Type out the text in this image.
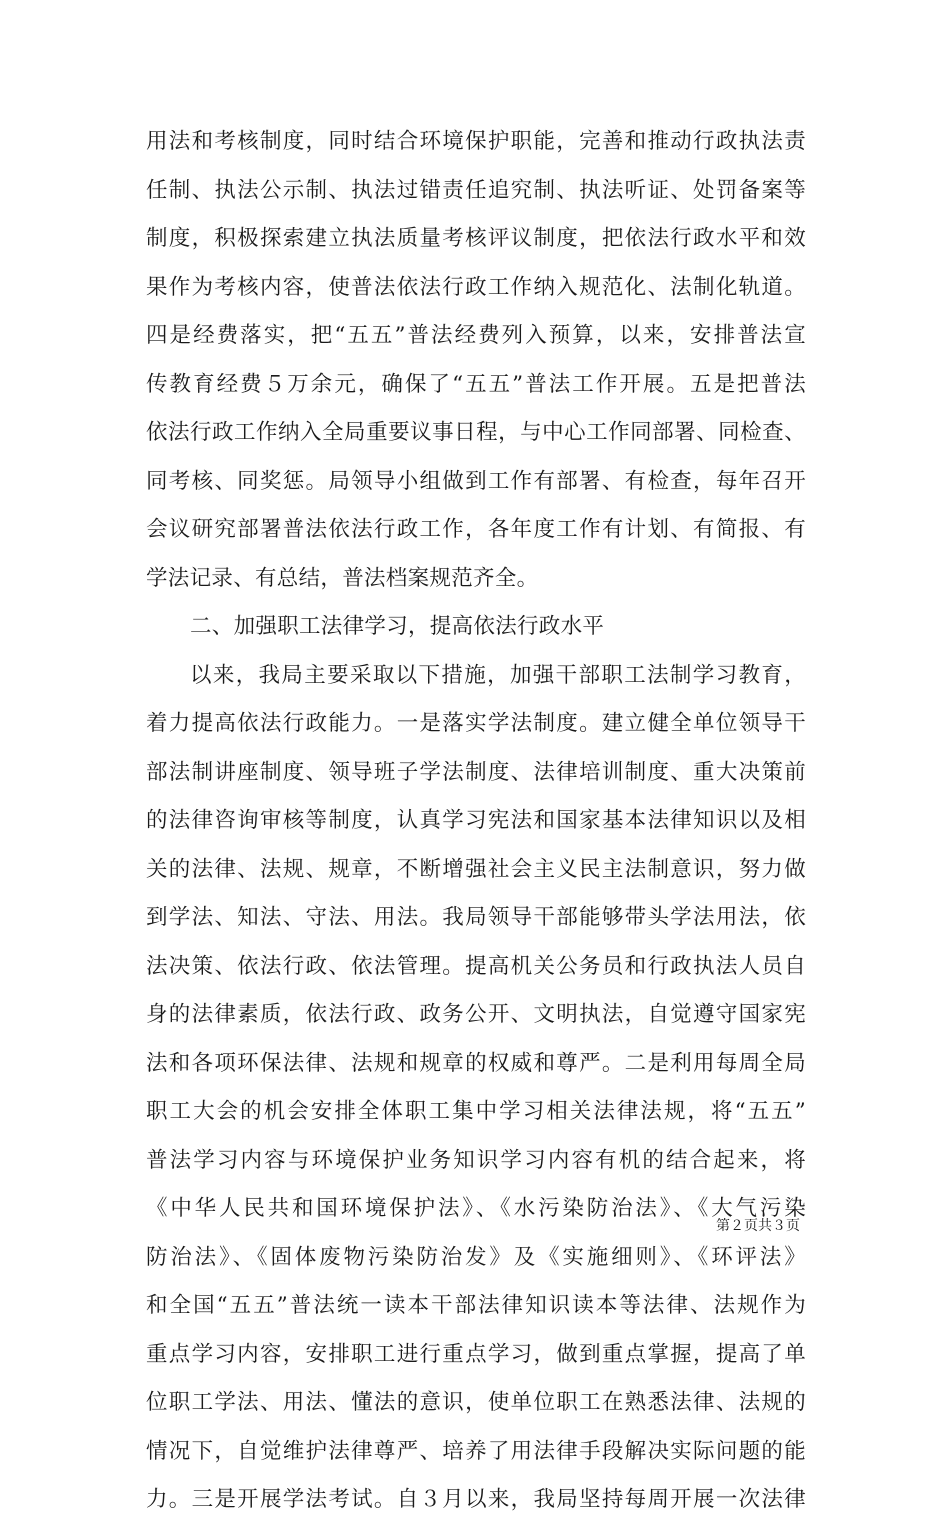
用法和考核制度，同时结合环境保护职能，完善和推动行政执法责
任制、执法公示制、执法过错责任追究制、执法听证、处罚备案等
制度，积极探索建立执法质量考核评议制度，把依法行政水平和效
果作为考核内容，使普法依法行政工作纳入规范化、法制化轨道。
四是经费落实，把“五五”普法经费列入预算，以来，安排普法宣
传教育经费５万余元，确保了“五五”普法工作开展。五是把普法
依法行政工作纳入全局重要议事日程，与中心工作同部署、同检查、
同考核、同奖惩。局领导小组做到工作有部署、有检查，每年召开
会议研究部署普法依法行政工作，各年度工作有计划、有简报、有
学法记录、有总结，普法档案规范齐全。
二、加强职工法律学习，提高依法行政水平
以来，我局主要采取以下措施，加强干部职工法制学习教育，
着力提高依法行政能力。一是落实学法制度。建立健全单位领导干
部法制讲座制度、领导班子学法制度、法律培训制度、重大决策前
的法律咨询审核等制度，认真学习宪法和国家基本法律知识以及相
关的法律、法规、规章，不断增强社会主义民主法制意识，努力做
到学法、知法、守法、用法。我局领导干部能够带头学法用法，依
法决策、依法行政、依法管理。提高机关公务员和行政执法人员自
身的法律素质，依法行政、政务公开、文明执法，自觉遵守国家宪
法和各项环保法律、法规和规章的权威和尊严。二是利用每周全局
职工大会的机会安排全体职工集中学习相关法律法规，将“五五”
普法学习内容与环境保护业务知识学习内容有机的结合起来，将
《中华人民共和国环境保护法》、《水污染防治法》、《大气污染
防治法》、《固体废物污染防治发》及《实施细则》、《环评法》
和全国“五五”普法统一读本干部法律知识读本等法律、法规作为
重点学习内容，安排职工进行重点学习，做到重点掌握，提高了单
位职工学法、用法、懂法的意识，使单位职工在熟悉法律、法规的
情况下，自觉维护法律尊严、培养了用法律手段解决实际问题的能
力。三是开展学法考试。自３月以来，我局坚持每周开展一次法律
第２页共３页
